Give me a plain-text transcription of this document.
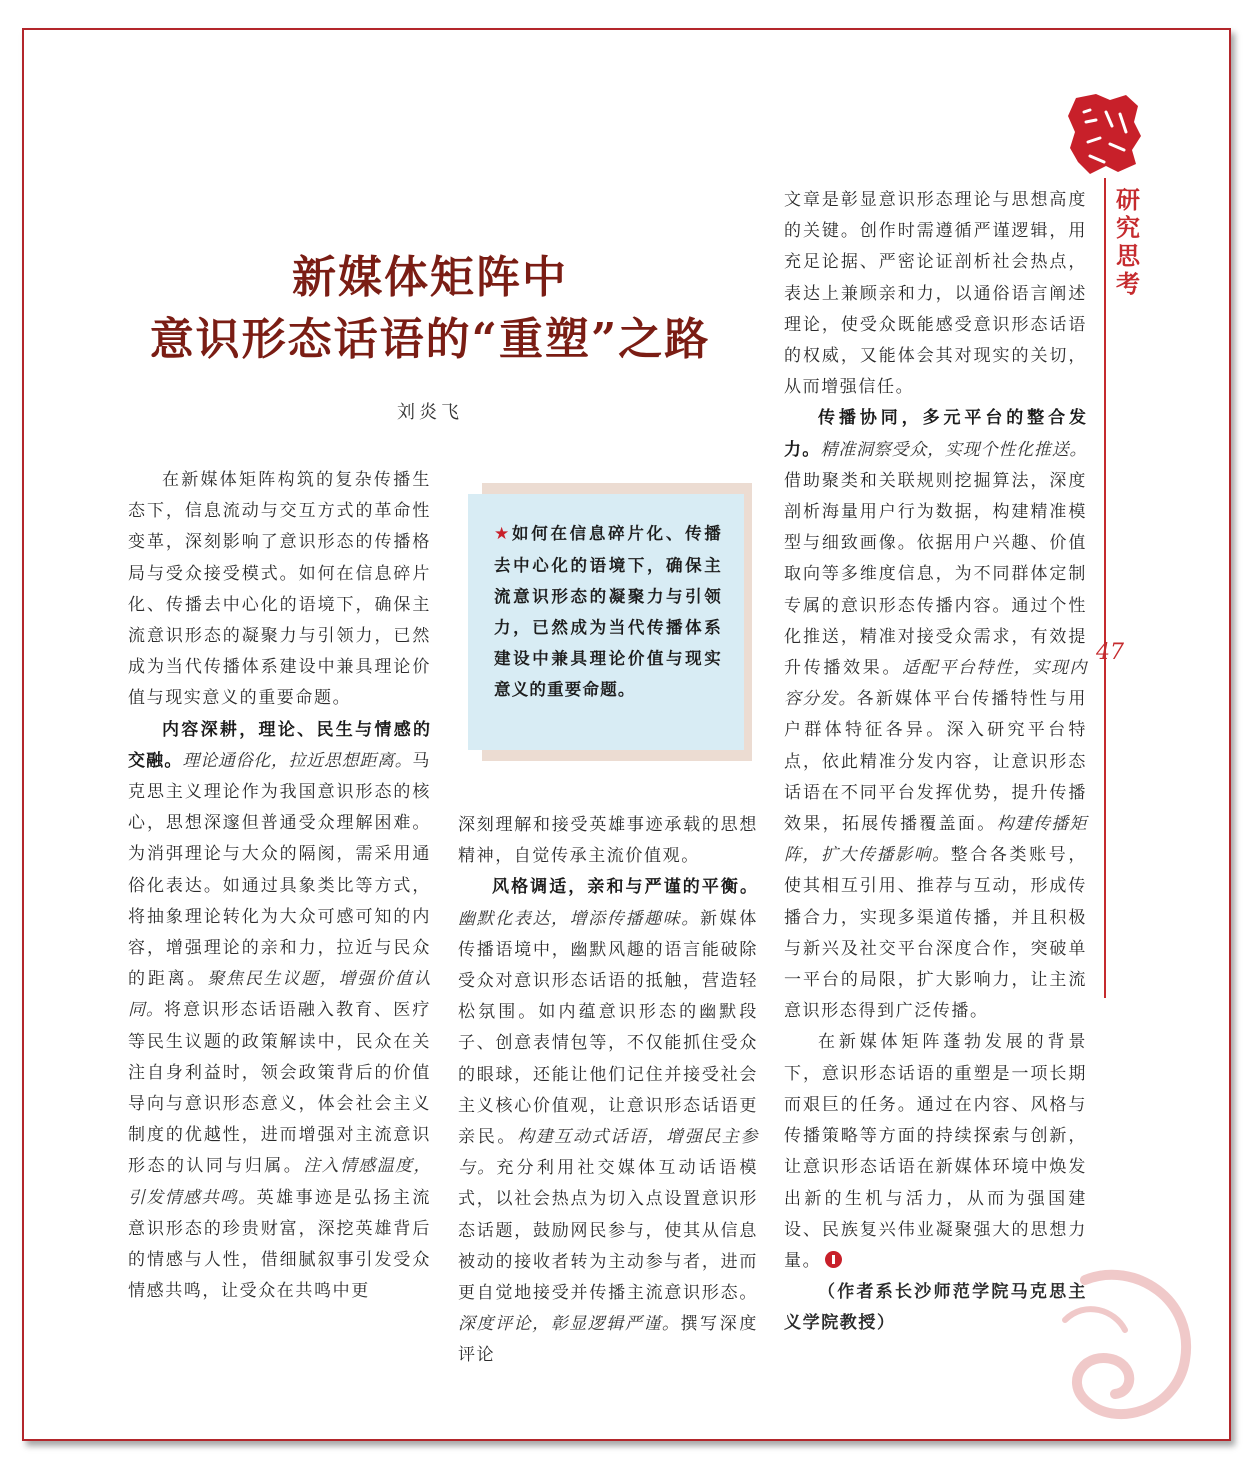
研究思考
47
新媒体矩阵中
意识形态话语的“重塑”之路
刘炎飞
★如何在信息碎片化、传播去中心化的语境下，确保主流意识形态的凝聚力与引领力，已然成为当代传播体系建设中兼具理论价值与现实意义的重要命题。

在新媒体矩阵构筑的复杂传播生态下，信息流动与交互方式的革命性变革，深刻影响了意识形态的传播格局与受众接受模式。如何在信息碎片化、传播去中心化的语境下，确保主流意识形态的凝聚力与引领力，已然成为当代传播体系建设中兼具理论价值与现实意义的重要命题。

内容深耕，理论、民生与情感的交融。理论通俗化，拉近思想距离。马克思主义理论作为我国意识形态的核心，思想深邃但普通受众理解困难。为消弭理论与大众的隔阂，需采用通俗化表达。如通过具象类比等方式，将抽象理论转化为大众可感可知的内容，增强理论的亲和力，拉近与民众的距离。聚焦民生议题，增强价值认同。将意识形态话语融入教育、医疗等民生议题的政策解读中，民众在关注自身利益时，领会政策背后的价值导向与意识形态意义，体会社会主义制度的优越性，进而增强对主流意识形态的认同与归属。注入情感温度，引发情感共鸣。英雄事迹是弘扬主流意识形态的珍贵财富，深挖英雄背后的情感与人性，借细腻叙事引发受众情感共鸣，让受众在共鸣中更

深刻理解和接受英雄事迹承载的思想精神，自觉传承主流价值观。

风格调适，亲和与严谨的平衡。幽默化表达，增添传播趣味。新媒体传播语境中，幽默风趣的语言能破除受众对意识形态话语的抵触，营造轻松氛围。如内蕴意识形态的幽默段子、创意表情包等，不仅能抓住受众的眼球，还能让他们记住并接受社会主义核心价值观，让意识形态话语更亲民。构建互动式话语，增强民主参与。充分利用社交媒体互动话语模式，以社会热点为切入点设置意识形态话题，鼓励网民参与，使其从信息被动的接收者转为主动参与者，进而更自觉地接受并传播主流意识形态。深度评论，彰显逻辑严谨。撰写深度评论

文章是彰显意识形态理论与思想高度的关键。创作时需遵循严谨逻辑，用充足论据、严密论证剖析社会热点，表达上兼顾亲和力，以通俗语言阐述理论，使受众既能感受意识形态话语的权威，又能体会其对现实的关切，从而增强信任。

传播协同，多元平台的整合发力。精准洞察受众，实现个性化推送。借助聚类和关联规则挖掘算法，深度剖析海量用户行为数据，构建精准模型与细致画像。依据用户兴趣、价值取向等多维度信息，为不同群体定制专属的意识形态传播内容。通过个性化推送，精准对接受众需求，有效提升传播效果。适配平台特性，实现内容分发。各新媒体平台传播特性与用户群体特征各异。深入研究平台特点，依此精准分发内容，让意识形态话语在不同平台发挥优势，提升传播效果，拓展传播覆盖面。构建传播矩阵，扩大传播影响。整合各类账号，使其相互引用、推荐与互动，形成传播合力，实现多渠道传播，并且积极与新兴及社交平台深度合作，突破单一平台的局限，扩大影响力，让主流意识形态得到广泛传播。

在新媒体矩阵蓬勃发展的背景下，意识形态话语的重塑是一项长期而艰巨的任务。通过在内容、风格与传播策略等方面的持续探索与创新，让意识形态话语在新媒体环境中焕发出新的生机与活力，从而为强国建设、民族复兴伟业凝聚强大的思想力量。

（作者系长沙师范学院马克思主义学院教授）
